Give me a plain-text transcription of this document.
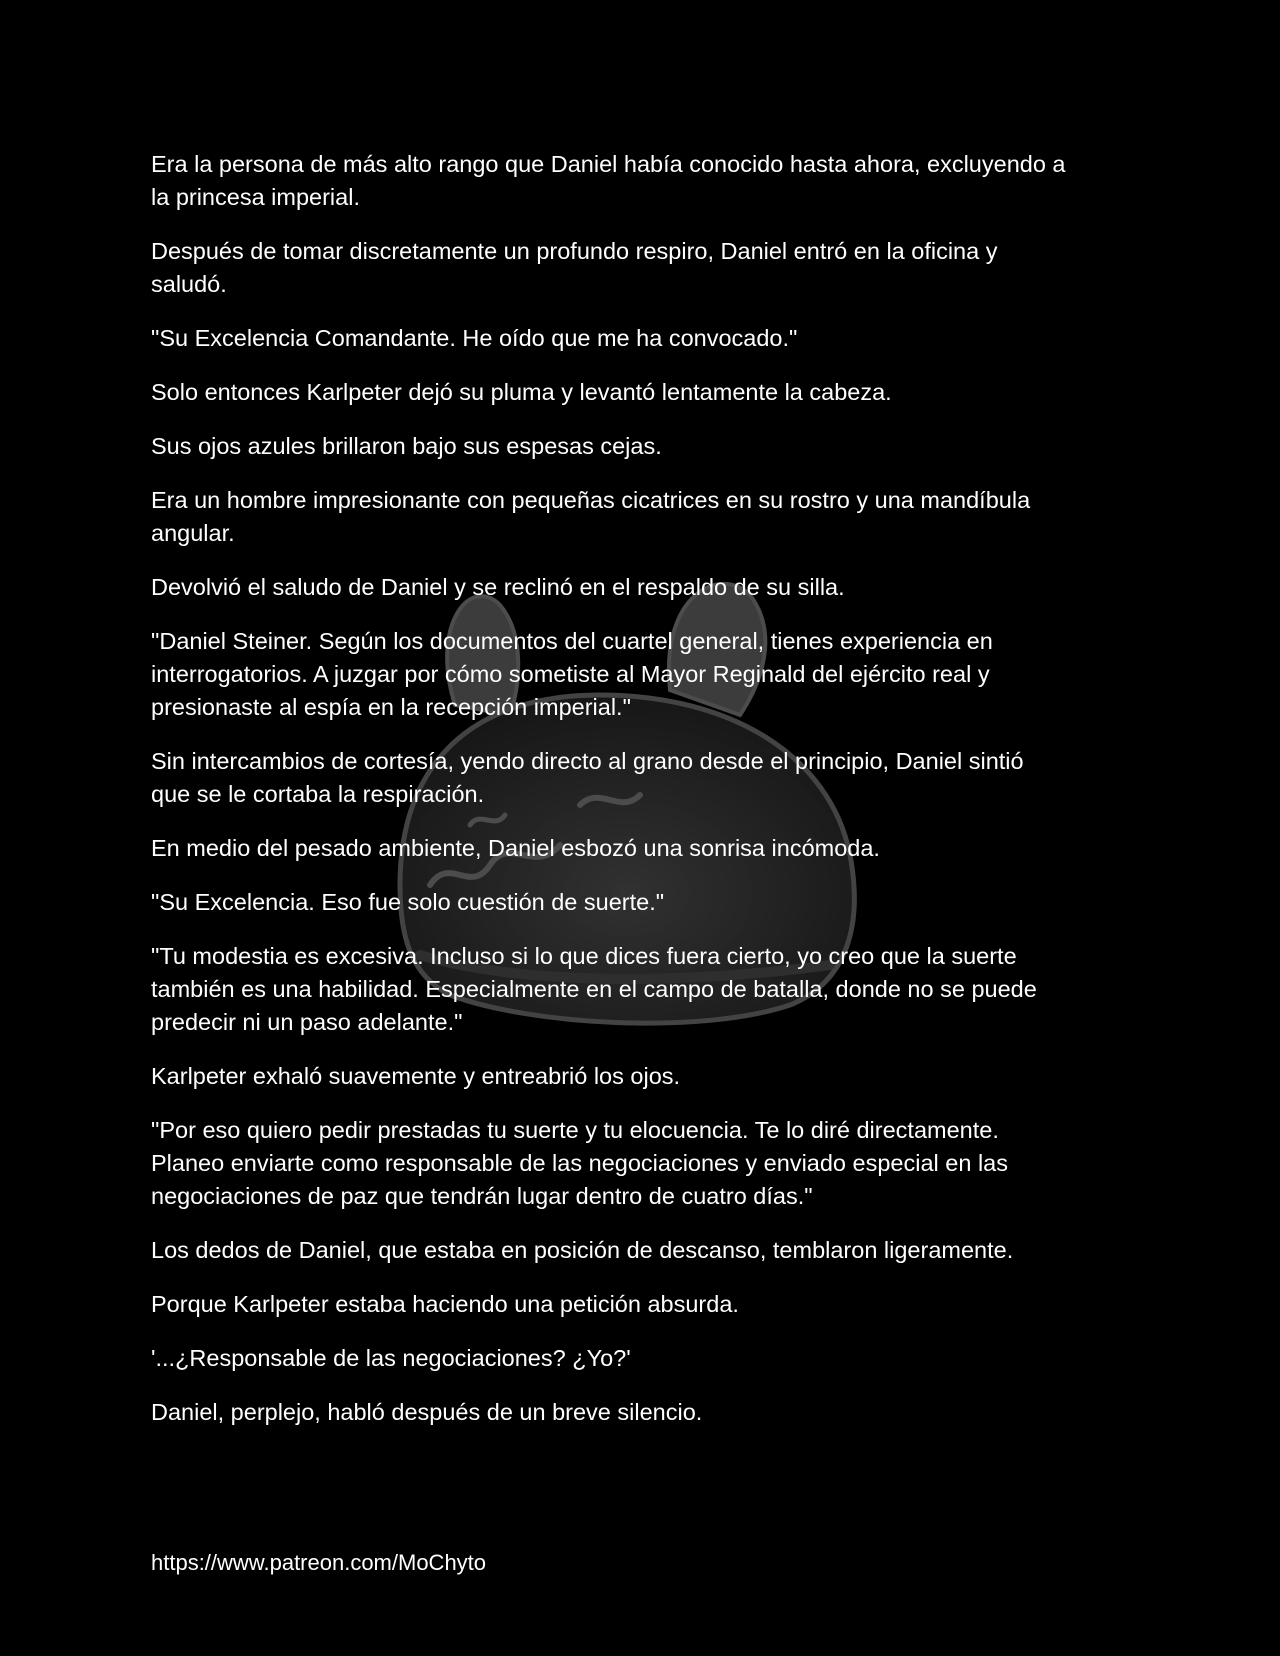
Era la persona de más alto rango que Daniel había conocido hasta ahora, excluyendo a
la princesa imperial.

Después de tomar discretamente un profundo respiro, Daniel entró en la oficina y
saludó.

"Su Excelencia Comandante. He oído que me ha convocado."

Solo entonces Karlpeter dejó su pluma y levantó lentamente la cabeza.

Sus ojos azules brillaron bajo sus espesas cejas.

Era un hombre impresionante con pequeñas cicatrices en su rostro y una mandíbula
angular.

Devolvió el saludo de Daniel y se reclinó en el respaldo de su silla.

"Daniel Steiner. Según los documentos del cuartel general, tienes experiencia en
interrogatorios. A juzgar por cómo sometiste al Mayor Reginald del ejército real y
presionaste al espía en la recepción imperial."

Sin intercambios de cortesía, yendo directo al grano desde el principio, Daniel sintió
que se le cortaba la respiración.

En medio del pesado ambiente, Daniel esbozó una sonrisa incómoda.

"Su Excelencia. Eso fue solo cuestión de suerte."

"Tu modestia es excesiva. Incluso si lo que dices fuera cierto, yo creo que la suerte
también es una habilidad. Especialmente en el campo de batalla, donde no se puede
predecir ni un paso adelante."

Karlpeter exhaló suavemente y entreabrió los ojos.

"Por eso quiero pedir prestadas tu suerte y tu elocuencia. Te lo diré directamente.
Planeo enviarte como responsable de las negociaciones y enviado especial en las
negociaciones de paz que tendrán lugar dentro de cuatro días."

Los dedos de Daniel, que estaba en posición de descanso, temblaron ligeramente.

Porque Karlpeter estaba haciendo una petición absurda.

'...¿Responsable de las negociaciones? ¿Yo?'

Daniel, perplejo, habló después de un breve silencio.

https://www.patreon.com/MoChyto
